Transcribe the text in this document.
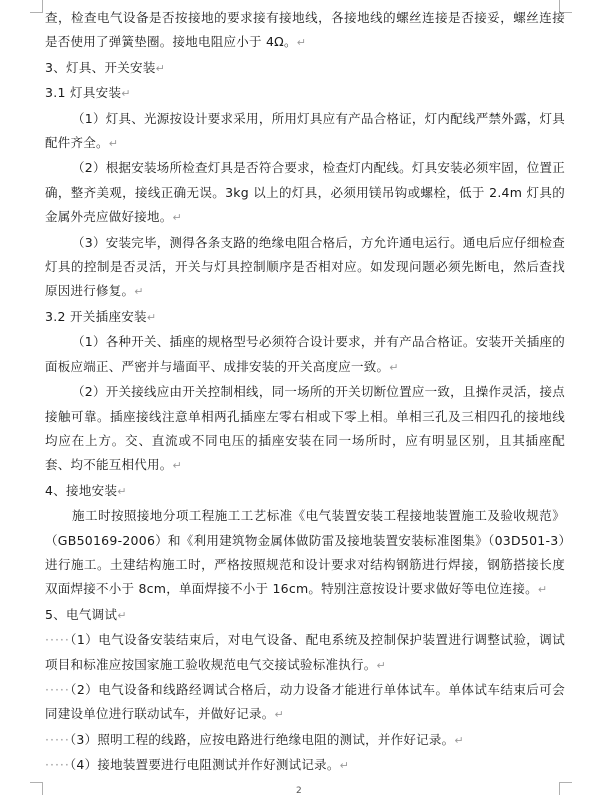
查，检查电气设备是否按接地的要求接有接地线，各接地线的螺丝连接是否接妥，螺丝连接是否使用了弹簧垫圈。接地电阻应小于 4Ω。↵

3、灯具、开关安装↵

3.1 灯具安装↵

（1）灯具、光源按设计要求采用，所用灯具应有产品合格证，灯内配线严禁外露，灯具配件齐全。↵

（2）根据安装场所检查灯具是否符合要求，检查灯内配线。灯具安装必须牢固，位置正确，整齐美观，接线正确无误。3kg 以上的灯具，必须用镁吊钩或螺栓，低于 2.4m 灯具的金属外壳应做好接地。↵

（3）安装完毕，测得各条支路的绝缘电阻合格后，方允许通电运行。通电后应仔细检查灯具的控制是否灵活，开关与灯具控制顺序是否相对应。如发现问题必须先断电，然后查找原因进行修复。↵

3.2 开关插座安装↵

（1）各种开关、插座的规格型号必须符合设计要求，并有产品合格证。安装开关插座的面板应端正、严密并与墙面平、成排安装的开关高度应一致。↵

（2）开关接线应由开关控制相线，同一场所的开关切断位置应一致，且操作灵活，接点接触可靠。插座接线注意单相两孔插座左零右相或下零上相。单相三孔及三相四孔的接地线均应在上方。交、直流或不同电压的插座安装在同一场所时，应有明显区别，且其插座配套、均不能互相代用。↵

4、接地安装↵

施工时按照接地分项工程施工工艺标准《电气装置安装工程接地装置施工及验收规范》（GB50169-2006）和《利用建筑物金属体做防雷及接地装置安装标准图集》（03D501-3）进行施工。土建结构施工时，严格按照规范和设计要求对结构钢筋进行焊接，钢筋搭接长度双面焊接不小于 8cm，单面焊接不小于 16cm。特别注意按设计要求做好等电位连接。↵

5、电气调试↵

·····（1）电气设备安装结束后，对电气设备、配电系统及控制保护装置进行调整试验，调试项目和标准应按国家施工验收规范电气交接试验标准执行。↵

·····（2）电气设备和线路经调试合格后，动力设备才能进行单体试车。单体试车结束后可会同建设单位进行联动试车，并做好记录。↵

·····（3）照明工程的线路，应按电路进行绝缘电阻的测试，并作好记录。↵

·····（4）接地装置要进行电阻测试并作好测试记录。↵

2
